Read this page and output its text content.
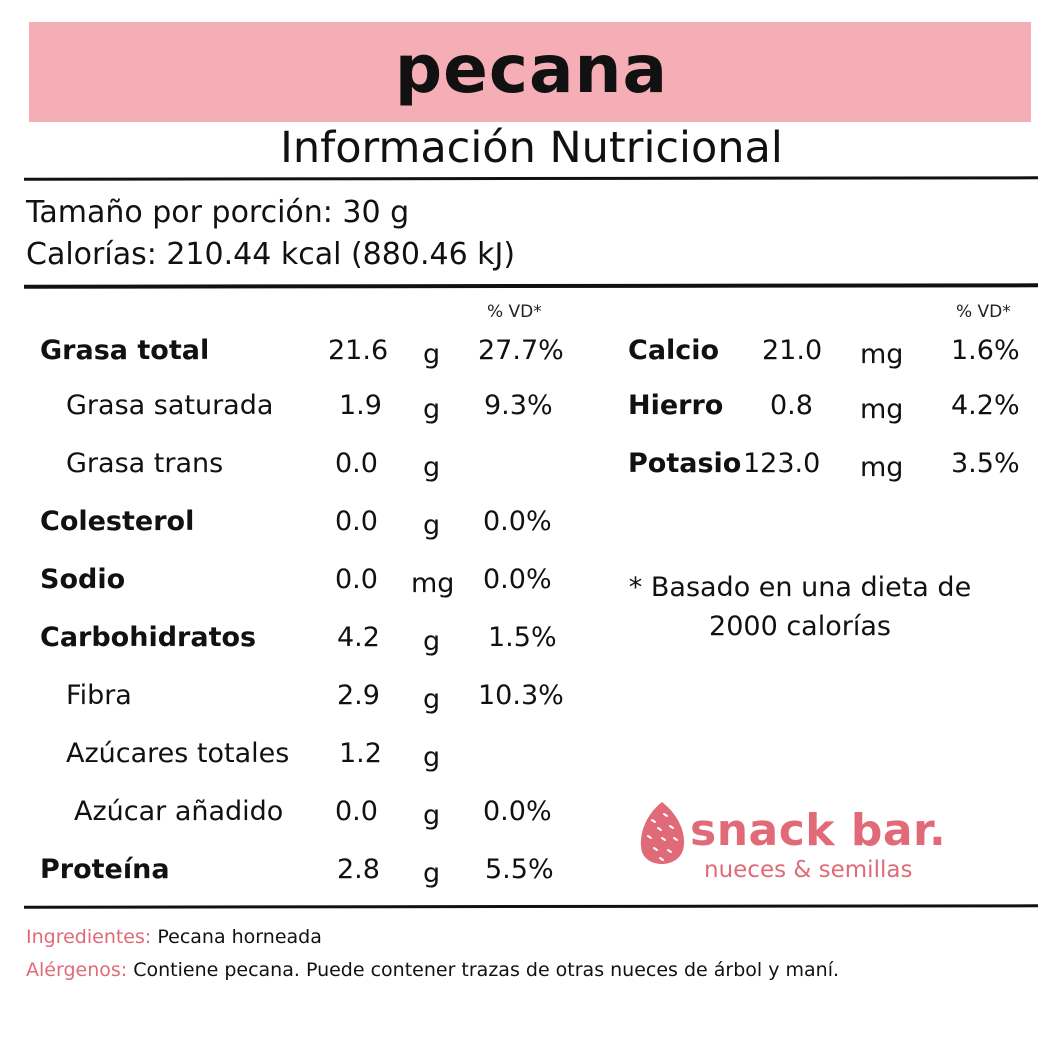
pecana
Información Nutricional
Tamaño por porción: 30 g
Calorías: 210.44 kcal (880.46 kJ)
% VD*	% VD*
Grasa total	21.6 g 27.7%
Grasa saturada 1.9 g 9.3%
Grasa trans	0.0 g
Colesterol	0.0 g 0.0%
Sodio	0.0 mg 0.0%
Carbohidratos	4.2 g 1.5%
Fibra	2.9 g 10.3%
Azúcares totales 1.2 g
Azúcar añadido 0.0 g 0.0%
Proteína	2.8 g 5.5%
Calcio 21.0 mg 1.6%
Hierro 0.8 mg 4.2%
Potasio 123.0 mg 3.5%
* Basado en una dieta de 2000 calorías
snack bar.
nueces & semillas
Ingredientes: Pecana horneada
Alérgenos: Contiene pecana. Puede contener trazas de otras nueces de árbol y maní.
